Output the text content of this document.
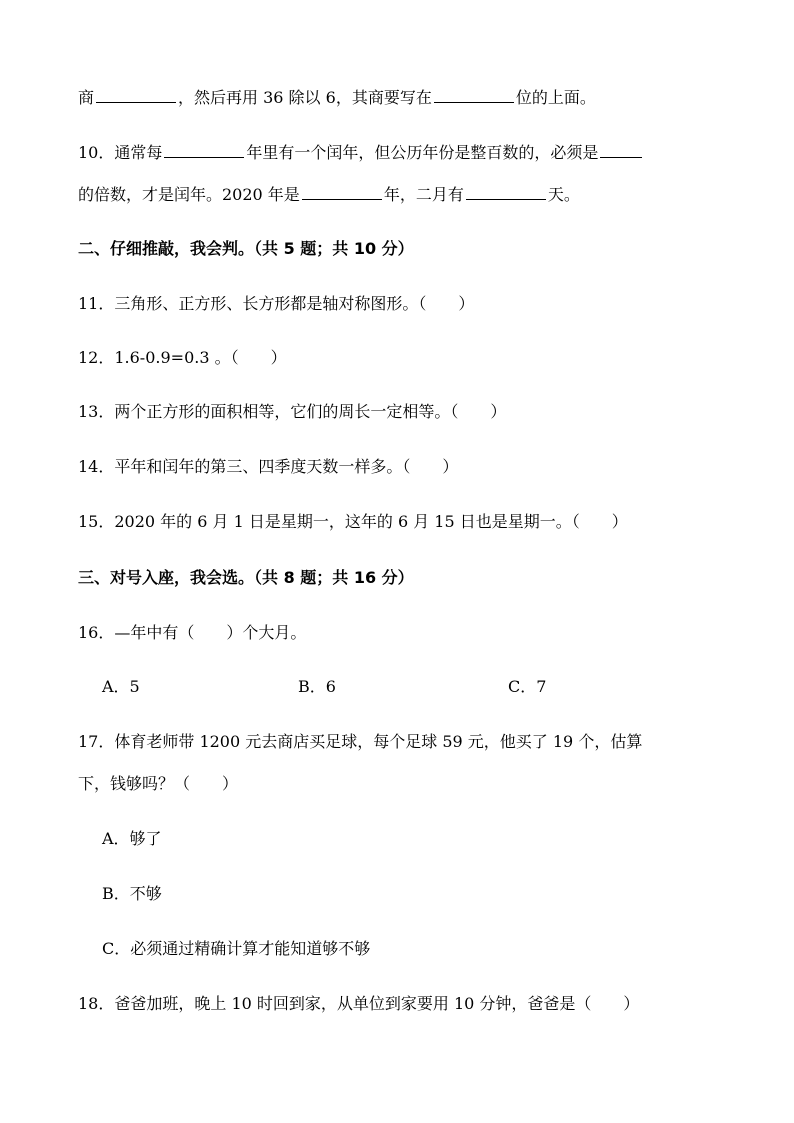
商	，然后再用 36 除以 6，其商要写在	位的上面。
10．通常每	年里有一个闰年，但公历年份是整百数的，必须是
的倍数，才是闰年。2020 年是	年，二月有	天。
二、仔细推敲，我会判。（共 5 题；共 10 分）
11．三角形、正方形、长方形都是轴对称图形。（　　）
12．1.6-0.9=0.3 。（　　）
13．两个正方形的面积相等，它们的周长一定相等。（　　）
14．平年和闰年的第三、四季度天数一样多。（　　）
15．2020 年的 6 月 1 日是星期一，这年的 6 月 15 日也是星期一。（　　）
三、对号入座，我会选。（共 8 题；共 16 分）
16．—年中有（　　）个大月。
A．5	B．6	C．7
17．体育老师带 1200 元去商店买足球，每个足球 59 元，他买了 19 个，估算
下，钱够吗？（　　）
A．够了
B．不够
C．必须通过精确计算才能知道够不够
18．爸爸加班，晚上 10 时回到家，从单位到家要用 10 分钟，爸爸是（　　）
